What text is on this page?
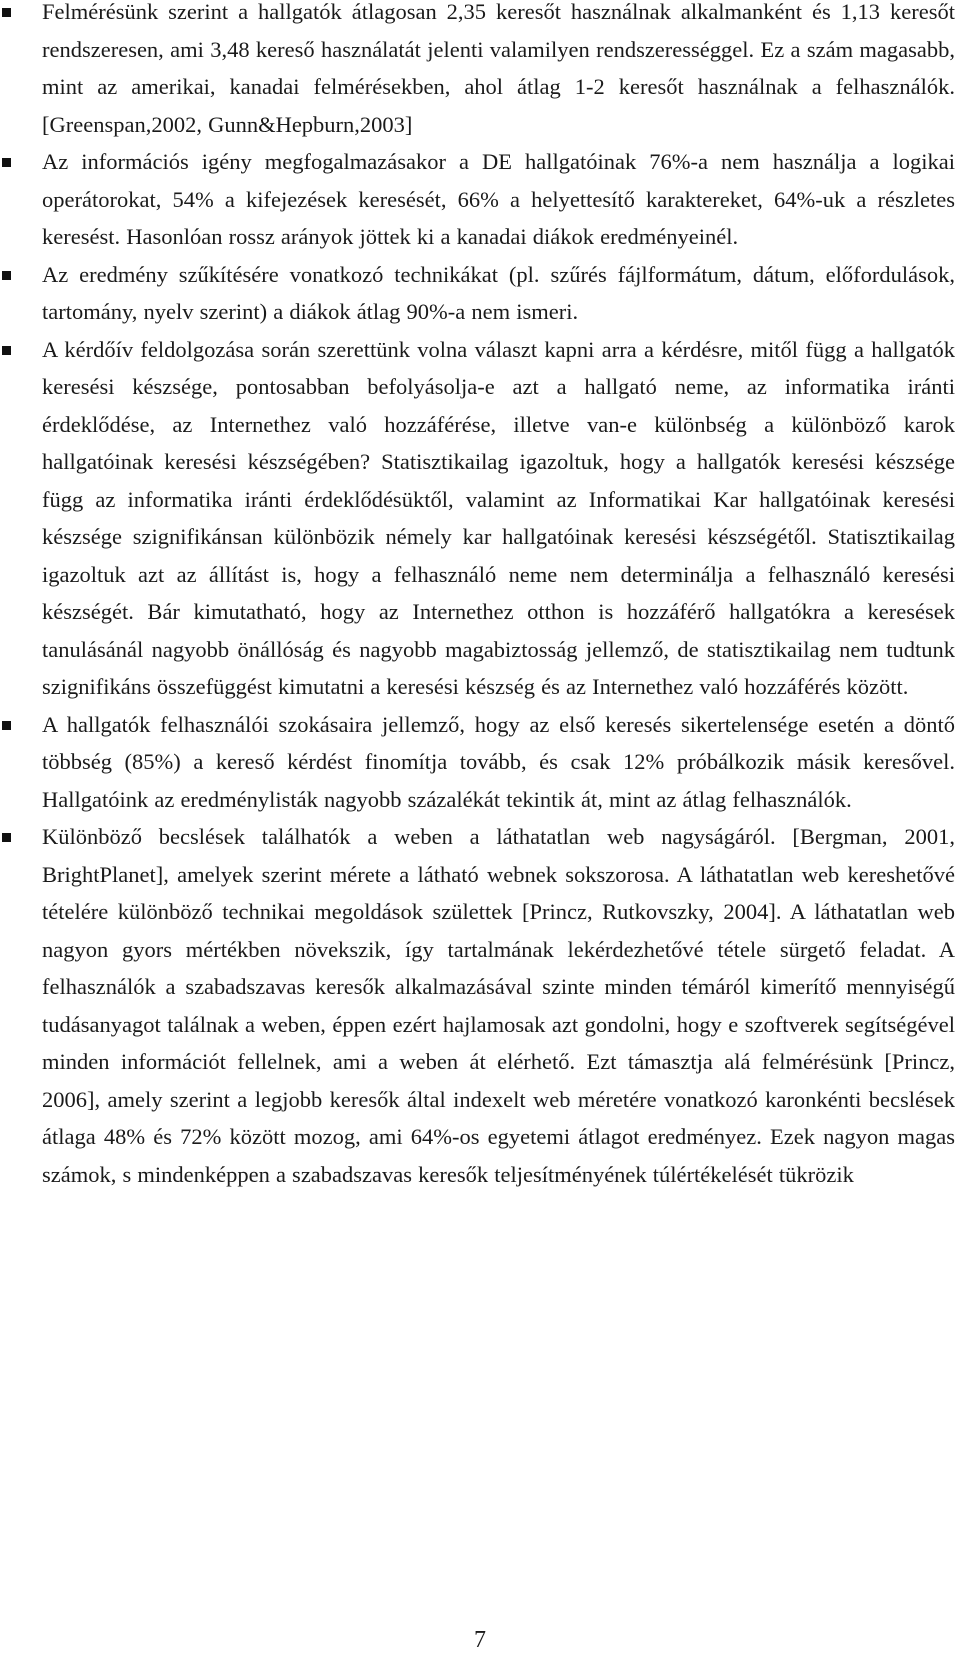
Felmérésünk szerint a hallgatók átlagosan 2,35 keresőt használnak alkalmanként és 1,13 keresőt rendszeresen, ami 3,48 kereső használatát jelenti valamilyen rendszerességgel. Ez a szám magasabb, mint az amerikai, kanadai felmérésekben, ahol átlag 1-2 keresőt használnak a felhasználók. [Greenspan,2002, Gunn&Hepburn,2003]
Az információs igény megfogalmazásakor a DE hallgatóinak 76%-a nem használja a logikai operátorokat, 54% a kifejezések keresését, 66% a helyettesítő karaktereket, 64%-uk a részletes keresést. Hasonlóan rossz arányok jöttek ki a kanadai diákok eredményeinél.
Az eredmény szűkítésére vonatkozó technikákat (pl. szűrés fájlformátum, dátum, előfordulások, tartomány, nyelv szerint) a diákok átlag 90%-a nem ismeri.
A kérdőív feldolgozása során szerettünk volna választ kapni arra a kérdésre, mitől függ a hallgatók keresési készsége, pontosabban befolyásolja-e azt a hallgató neme, az informatika iránti érdeklődése, az Internethez való hozzáférése, illetve van-e különbség a különböző karok hallgatóinak keresési készségében? Statisztikailag igazoltuk, hogy a hallgatók keresési készsége függ az informatika iránti érdeklődésüktől, valamint az Informatikai Kar hallgatóinak keresési készsége szignifikánsan különbözik némely kar hallgatóinak keresési készségétől. Statisztikailag igazoltuk azt az állítást is, hogy a felhasználó neme nem determinálja a felhasználó keresési készségét. Bár kimutatható, hogy az Internethez otthon is hozzáférő hallgatókra a keresések tanulásánál nagyobb önállóság és nagyobb magabiztosság jellemző, de statisztikailag nem tudtunk szignifikáns összefüggést kimutatni a keresési készség és az Internethez való hozzáférés között.
A hallgatók felhasználói szokásaira jellemző, hogy az első keresés sikertelensége esetén a döntő többség (85%) a kereső kérdést finomítja tovább, és csak 12% próbálkozik másik keresővel. Hallgatóink az eredménylisták nagyobb százalékát tekintik át, mint az átlag felhasználók.
Különböző becslések találhatók a weben a láthatatlan web nagyságáról. [Bergman, 2001, BrightPlanet], amelyek szerint mérete a látható webnek sokszorosa. A láthatatlan web kereshetővé tételére különböző technikai megoldások születtek [Princz, Rutkovszky, 2004]. A láthatatlan web nagyon gyors mértékben növekszik, így tartalmának lekérdezhetővé tétele sürgető feladat. A felhasználók a szabadszavas keresők alkalmazásával szinte minden témáról kimerítő mennyiségű tudásanyagot találnak a weben, éppen ezért hajlamosak azt gondolni, hogy e szoftverek segítségével minden információt fellelnek, ami a weben át elérhető. Ezt támasztja alá felmérésünk [Princz, 2006], amely szerint a legjobb keresők által indexelt web méretére vonatkozó karonkénti becslések átlaga 48% és 72% között mozog, ami 64%-os egyetemi átlagot eredményez. Ezek nagyon magas számok, s mindenképpen a szabadszavas keresők teljesítményének túlértékelését tükrözik
7
